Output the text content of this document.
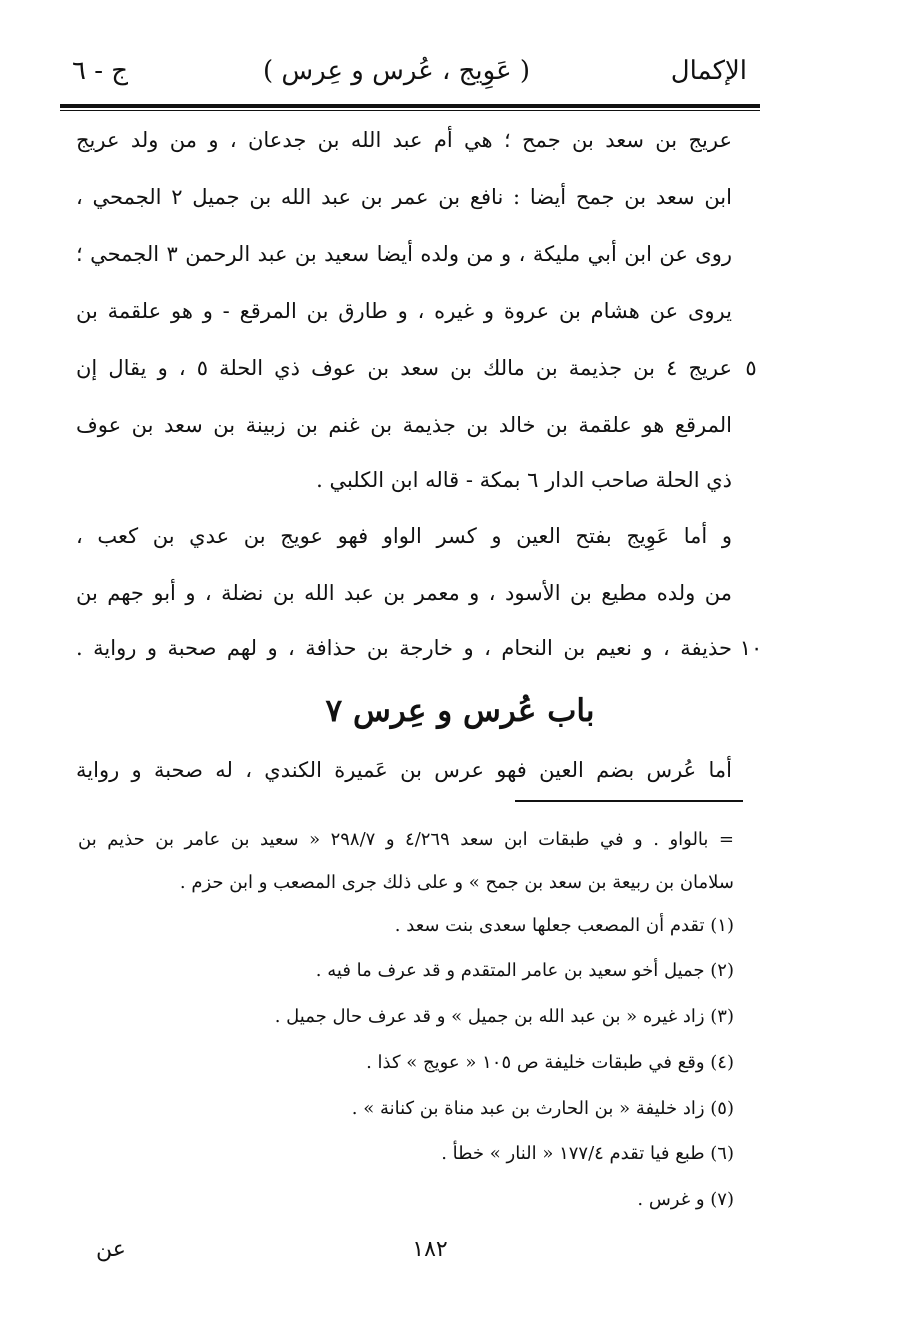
ج - ٦	( عَوِيج ، عُرس و عِرس )	الإكمال
عريج بن سعد بن جمح ؛ هي أم عبد الله بن جدعان ، و من ولد عريج
ابن سعد بن جمح أيضا : نافع بن عمر بن عبد الله بن جميل ٢ الجمحي ،
روى عن ابن أبي مليكة ، و من ولده أيضا سعيد بن عبد الرحمن ٣ الجمحي ؛
يروى عن هشام بن عروة و غيره ، و طارق بن المرقع - و هو علقمة بن
عريج ٤ بن جذيمة بن مالك بن سعد بن عوف ذي الحلة ٥ ، و يقال إن ٥
المرقع هو علقمة بن خالد بن جذيمة بن غنم بن زبينة بن سعد بن عوف
ذي الحلة صاحب الدار ٦ بمكة - قاله ابن الكلبي .
و أما عَوِيج بفتح العين و كسر الواو فهو عويج بن عدي بن كعب ،
من ولده مطيع بن الأسود ، و معمر بن عبد الله بن نضلة ، و أبو جهم بن
حذيفة ، و نعيم بن النحام ، و خارجة بن حذافة ، و لهم صحبة و رواية . ١٠
باب عُرس و عِرس ٧
أما عُرس بضم العين فهو عرس بن عَميرة الكندي ، له صحبة و رواية
= بالواو . و في طبقات ابن سعد ٤/٢٦٩ و ٢٩٨/٧ « سعيد بن عامر بن حذيم بن
سلامان بن ربيعة بن سعد بن جمح » و على ذلك جرى المصعب و ابن حزم .
(١) تقدم أن المصعب جعلها سعدى بنت سعد .
(٢) جميل أخو سعيد بن عامر المتقدم و قد عرف ما فيه .
(٣) زاد غيره « بن عبد الله بن جميل » و قد عرف حال جميل .
(٤) وقع في طبقات خليفة ص ١٠٥ « عويج » كذا .
(٥) زاد خليفة « بن الحارث بن عبد مناة بن كنانة » .
(٦) طبع فيا تقدم ١٧٧/٤ « النار » خطأ .
(٧) و غرس .
١٨٢
عن
